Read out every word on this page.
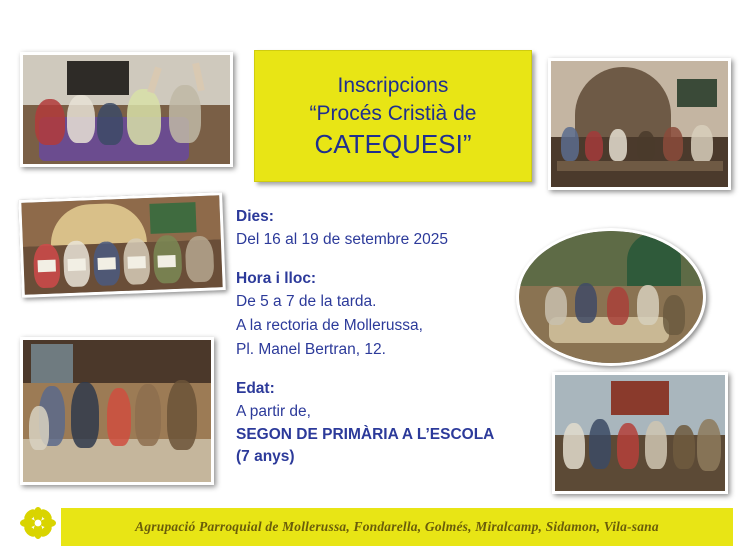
Inscripcions
“Procés Cristià de
CATEQUESI”

Dies:

Del 16 al 19 de setembre 2025

Hora i lloc:

De 5 a 7 de la tarda.

A la rectoria de Mollerussa,

Pl. Manel Bertran, 12.

Edat:

A partir de,

SEGON DE PRIMÀRIA A L’ESCOLA

(7 anys)

Agrupació Parroquial de Mollerussa, Fondarella, Golmés, Miralcamp, Sidamon, Vila-sana
